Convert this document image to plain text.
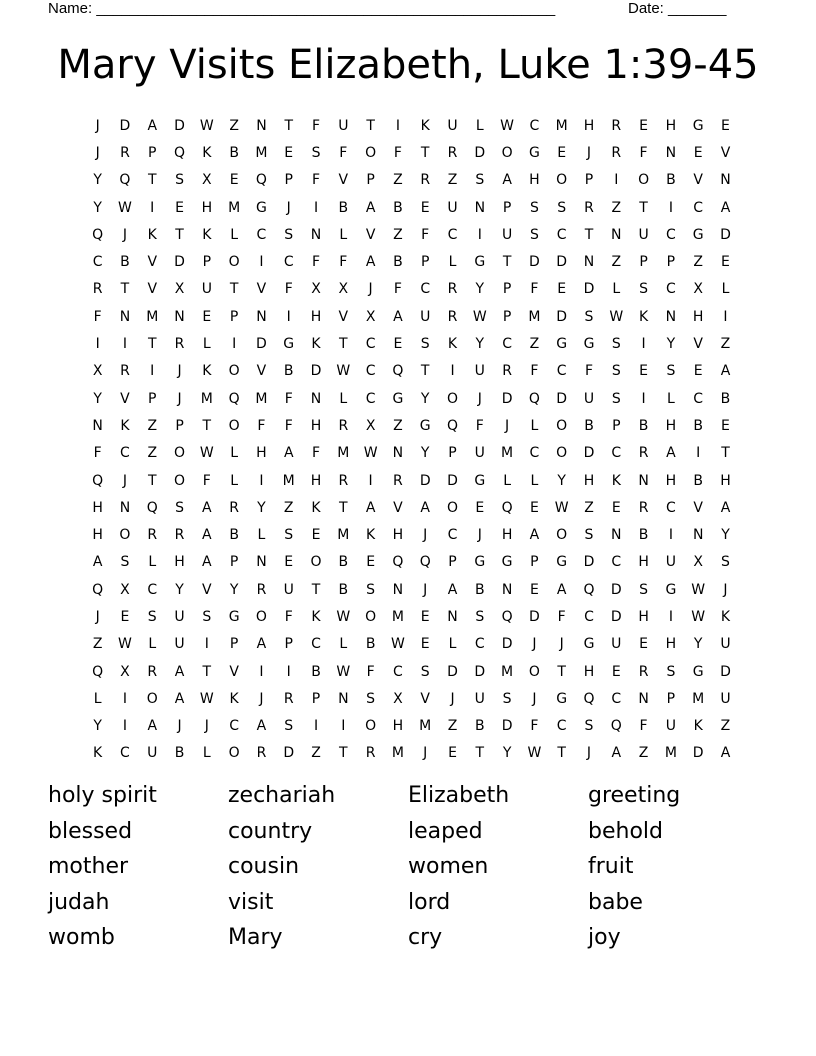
Name: _______________________________________________________	Date: _______
Mary Visits Elizabeth, Luke 1:39-45
J	D	A	D	W	Z	N	T	F	U	T	I	K	U	L	W	C	M	H	R	E	H	G	E
J	R	P	Q	K	B	M	E	S	F	O	F	T	R	D	O	G	E	J	R	F	N	E	V
Y	Q	T	S	X	E	Q	P	F	V	P	Z	R	Z	S	A	H	O	P	I	O	B	V	N
Y	W	I	E	H	M	G	J	I	B	A	B	E	U	N	P	S	S	R	Z	T	I	C	A
Q	J	K	T	K	L	C	S	N	L	V	Z	F	C	I	U	S	C	T	N	U	C	G	D
C	B	V	D	P	O	I	C	F	F	A	B	P	L	G	T	D	D	N	Z	P	P	Z	E
R	T	V	X	U	T	V	F	X	X	J	F	C	R	Y	P	F	E	D	L	S	C	X	L
F	N	M	N	E	P	N	I	H	V	X	A	U	R	W	P	M	D	S	W	K	N	H	I
I	I	T	R	L	I	D	G	K	T	C	E	S	K	Y	C	Z	G	G	S	I	Y	V	Z
X	R	I	J	K	O	V	B	D	W	C	Q	T	I	U	R	F	C	F	S	E	S	E	A
Y	V	P	J	M	Q	M	F	N	L	C	G	Y	O	J	D	Q	D	U	S	I	L	C	B
N	K	Z	P	T	O	F	F	H	R	X	Z	G	Q	F	J	L	O	B	P	B	H	B	E
F	C	Z	O	W	L	H	A	F	M	W	N	Y	P	U	M	C	O	D	C	R	A	I	T
Q	J	T	O	F	L	I	M	H	R	I	R	D	D	G	L	L	Y	H	K	N	H	B	H
H	N	Q	S	A	R	Y	Z	K	T	A	V	A	O	E	Q	E	W	Z	E	R	C	V	A
H	O	R	R	A	B	L	S	E	M	K	H	J	C	J	H	A	O	S	N	B	I	N	Y
A	S	L	H	A	P	N	E	O	B	E	Q	Q	P	G	G	P	G	D	C	H	U	X	S
Q	X	C	Y	V	Y	R	U	T	B	S	N	J	A	B	N	E	A	Q	D	S	G	W	J
J	E	S	U	S	G	O	F	K	W	O	M	E	N	S	Q	D	F	C	D	H	I	W	K
Z	W	L	U	I	P	A	P	C	L	B	W	E	L	C	D	J	J	G	U	E	H	Y	U
Q	X	R	A	T	V	I	I	B	W	F	C	S	D	D	M	O	T	H	E	R	S	G	D
L	I	O	A	W	K	J	R	P	N	S	X	V	J	U	S	J	G	Q	C	N	P	M	U
Y	I	A	J	J	C	A	S	I	I	O	H	M	Z	B	D	F	C	S	Q	F	U	K	Z
K	C	U	B	L	O	R	D	Z	T	R	M	J	E	T	Y	W	T	J	A	Z	M	D	A
holy spirit	zechariah	Elizabeth	greeting
blessed	country	leaped	behold
mother	cousin	women	fruit
judah	visit	lord	babe
womb	Mary	cry	joy
